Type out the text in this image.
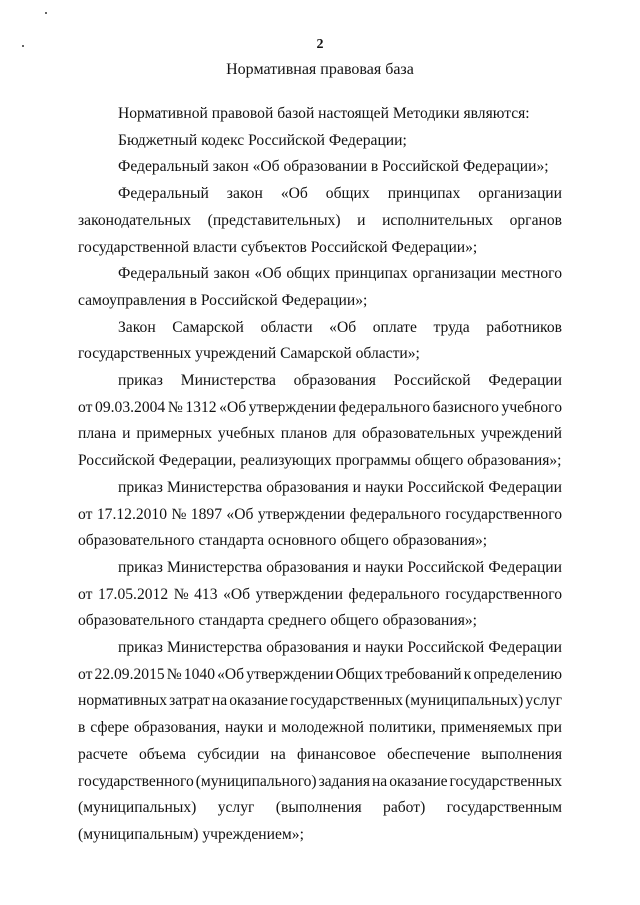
2
Нормативная правовая база
Нормативной правовой базой настоящей Методики являются:
Бюджетный кодекс Российской Федерации;
Федеральный закон «Об образовании в Российской Федерации»;
Федеральный закон «Об общих принципах организации
законодательных (представительных) и исполнительных органов
государственной власти субъектов Российской Федерации»;
Федеральный закон «Об общих принципах организации местного
самоуправления в Российской Федерации»;
Закон Самарской области «Об оплате труда работников
государственных учреждений Самарской области»;
приказ Министерства образования Российской Федерации
от 09.03.2004 № 1312 «Об утверждении федерального базисного учебного
плана и примерных учебных планов для образовательных учреждений
Российской Федерации, реализующих программы общего образования»;
приказ Министерства образования и науки Российской Федерации
от 17.12.2010 № 1897 «Об утверждении федерального государственного
образовательного стандарта основного общего образования»;
приказ Министерства образования и науки Российской Федерации
от 17.05.2012 № 413 «Об утверждении федерального государственного
образовательного стандарта среднего общего образования»;
приказ Министерства образования и науки Российской Федерации
от 22.09.2015 № 1040 «Об утверждении Общих требований к определению
нормативных затрат на оказание государственных (муниципальных) услуг
в сфере образования, науки и молодежной политики, применяемых при
расчете объема субсидии на финансовое обеспечение выполнения
государственного (муниципального) задания на оказание государственных
(муниципальных) услуг (выполнения работ) государственным
(муниципальным) учреждением»;
